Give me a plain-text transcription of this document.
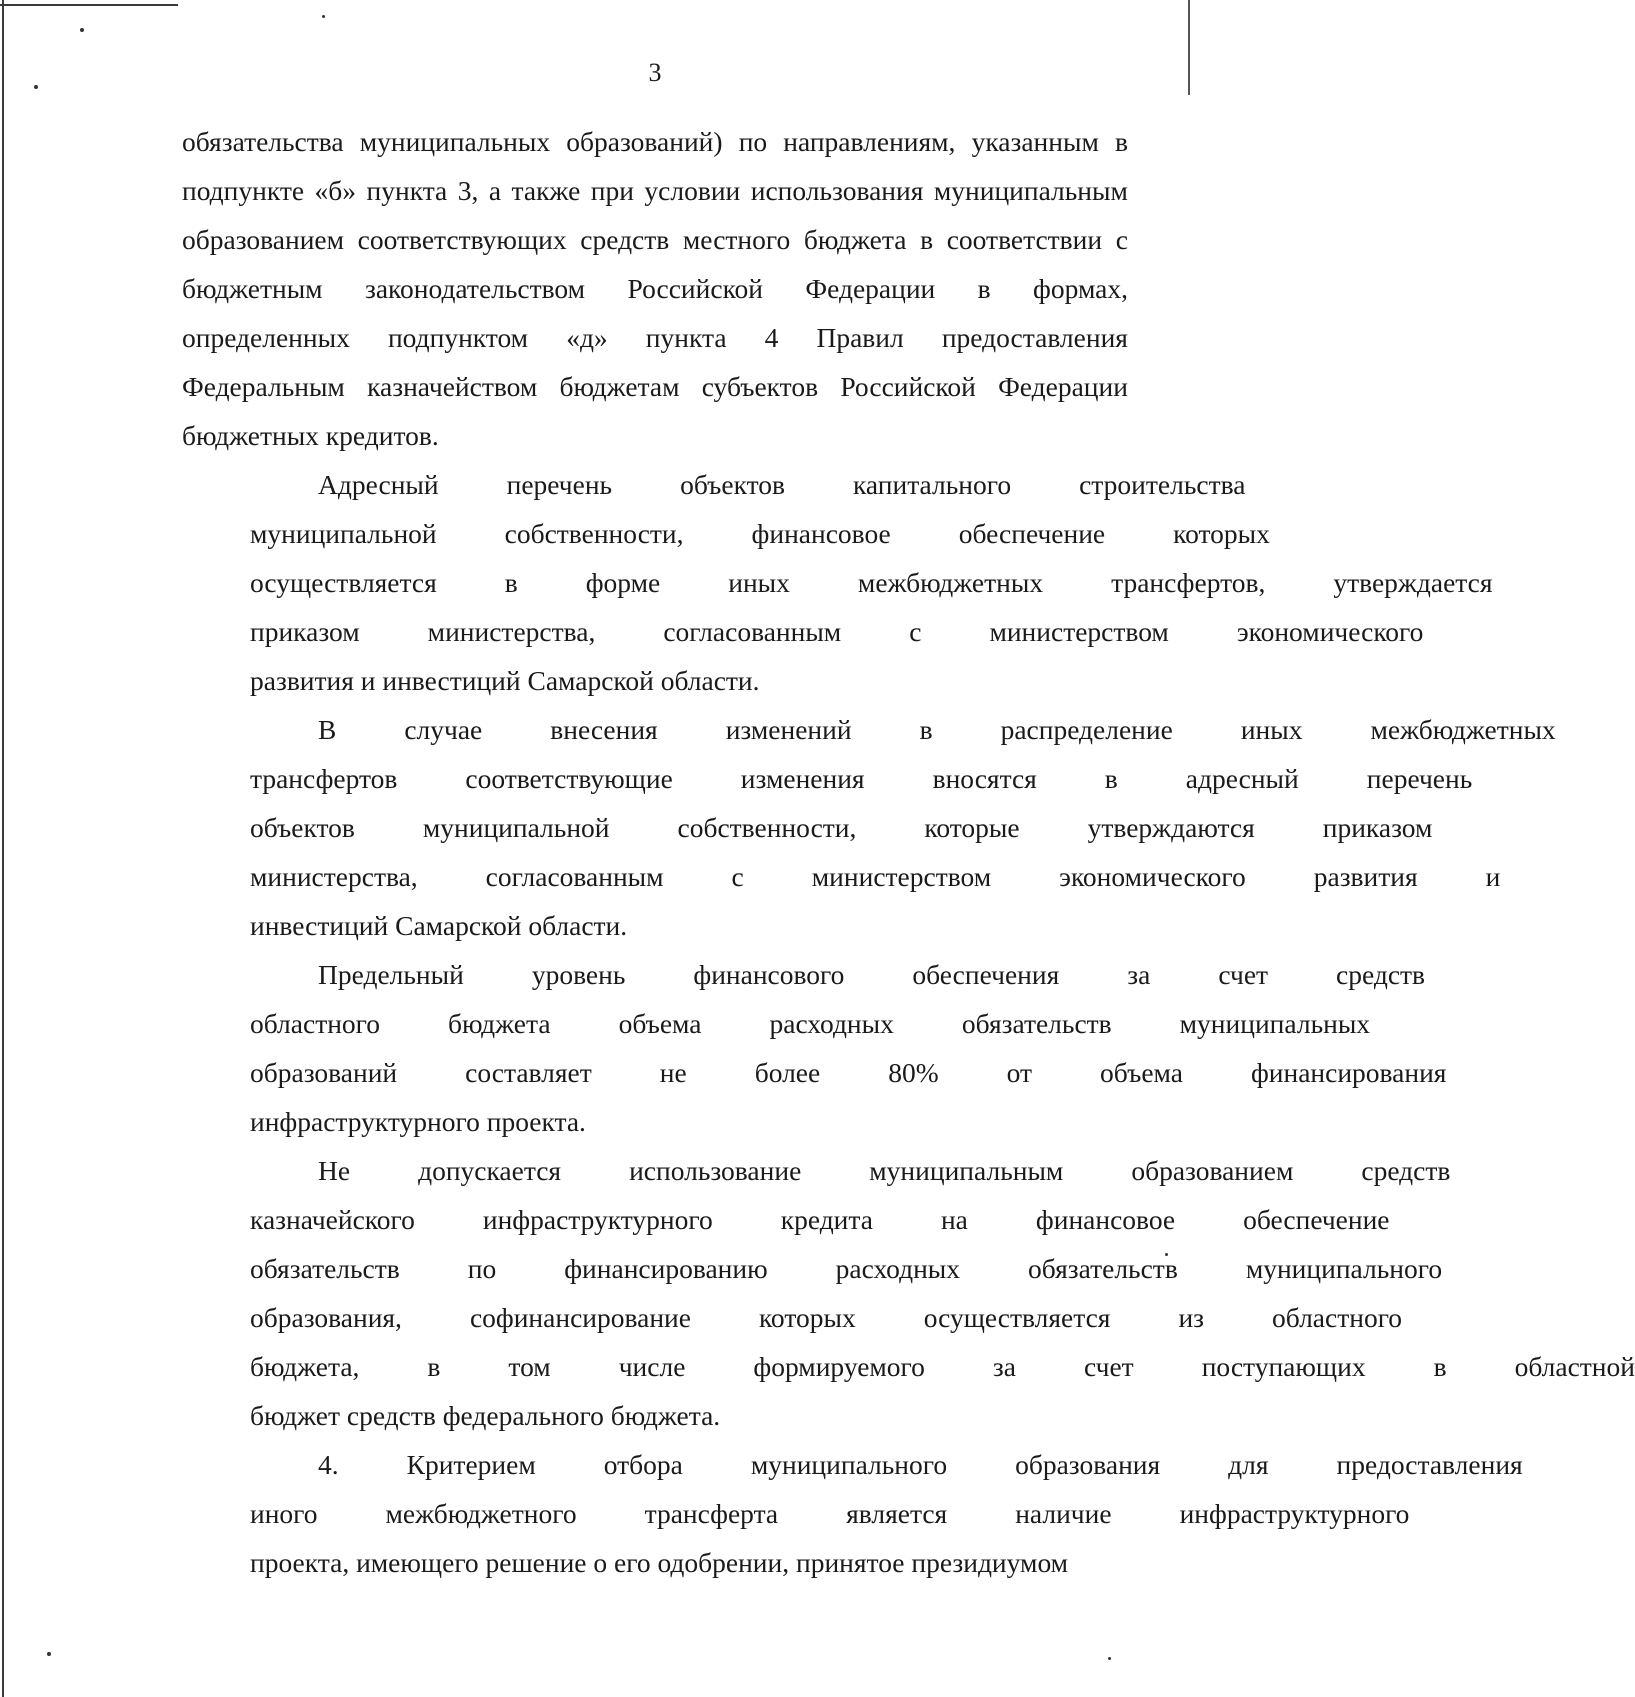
3
обязательства муниципальных образований) по направлениям, указанным в
подпункте «б» пункта 3, а также при условии использования муниципальным
образованием соответствующих средств местного бюджета в соответствии с
бюджетным законодательством Российской Федерации в формах,
определенных подпунктом «д» пункта 4 Правил предоставления
Федеральным казначейством бюджетам субъектов Российской Федерации
бюджетных кредитов.
Адресный	перечень	объектов	капитального	строительства
муниципальной	собственности,	финансовое	обеспечение	которых
осуществляется	в	форме	иных	межбюджетных	трансфертов,	утверждается
приказом	министерства,	согласованным	с	министерством	экономического
развития и инвестиций Самарской области.
В	случае	внесения	изменений	в	распределение	иных	межбюджетных
трансфертов	соответствующие	изменения	вносятся	в	адресный	перечень
объектов	муниципальной	собственности,	которые	утверждаются	приказом
министерства,	согласованным	с	министерством	экономического	развития	и
инвестиций Самарской области.
Предельный	уровень	финансового	обеспечения	за	счет	средств
областного	бюджета	объема	расходных	обязательств	муниципальных
образований	составляет	не	более	80%	от	объема	финансирования
инфраструктурного проекта.
Не	допускается	использование	муниципальным	образованием	средств
казначейского	инфраструктурного	кредита	на	финансовое	обеспечение
обязательств	по	финансированию	расходных	обязательств	муниципального
образования,	софинансирование	которых	осуществляется	из	областного
бюджета,	в	том	числе	формируемого	за	счет	поступающих	в	областной
бюджет средств федерального бюджета.
4.	Критерием	отбора	муниципального	образования	для	предоставления
иного	межбюджетного	трансферта	является	наличие	инфраструктурного
проекта, имеющего решение о его одобрении, принятое президиумом
